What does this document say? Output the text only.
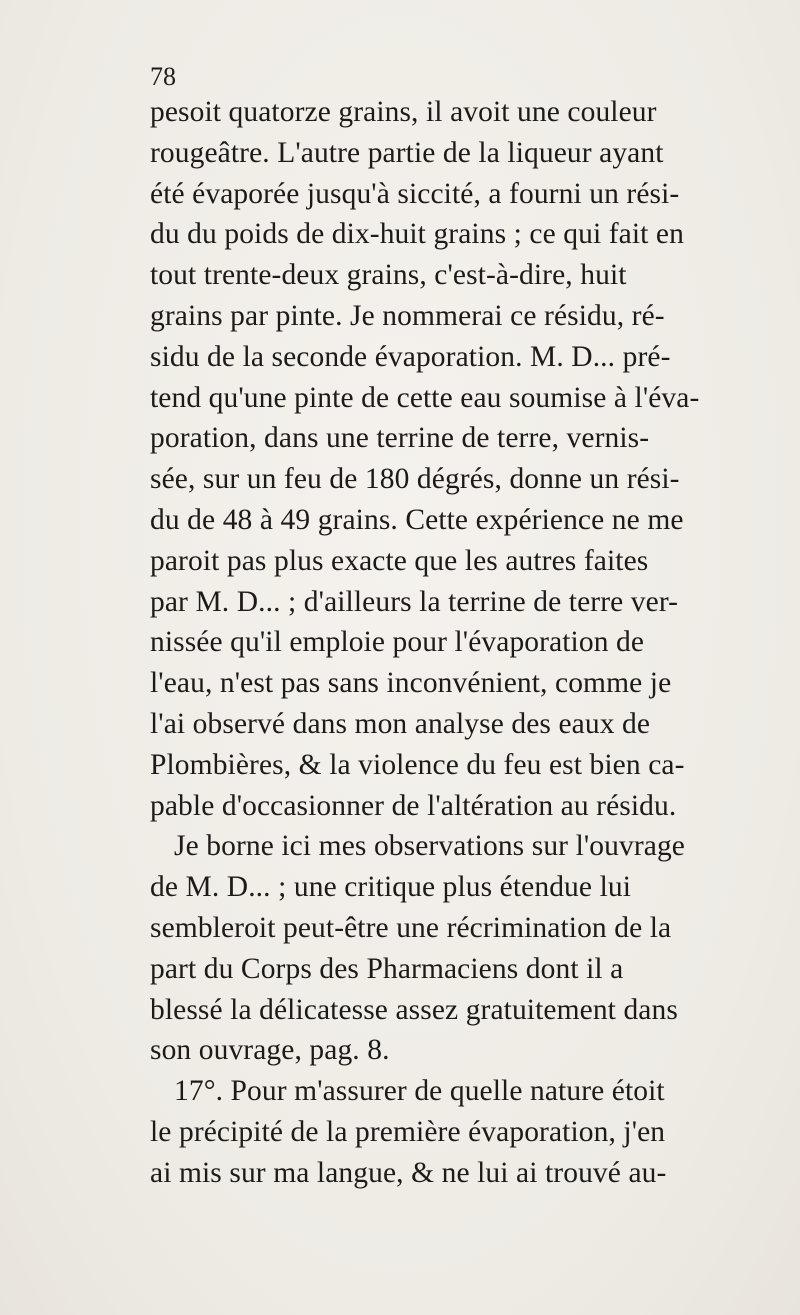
78
pesoit quatorze grains, il avoit une couleur
rougeâtre. L'autre partie de la liqueur ayant
été évaporée jusqu'à siccité, a fourni un rési-
du du poids de dix-huit grains ; ce qui fait en
tout trente-deux grains, c'est-à-dire, huit
grains par pinte. Je nommerai ce résidu, ré-
sidu de la seconde évaporation. M. D... pré-
tend qu'une pinte de cette eau soumise à l'éva-
poration, dans une terrine de terre, vernis-
sée, sur un feu de 180 dégrés, donne un rési-
du de 48 à 49 grains. Cette expérience ne me
paroit pas plus exacte que les autres faites
par M. D... ; d'ailleurs la terrine de terre ver-
nissée qu'il emploie pour l'évaporation de
l'eau, n'est pas sans inconvénient, comme je
l'ai observé dans mon analyse des eaux de
Plombières, & la violence du feu est bien ca-
pable d'occasionner de l'altération au résidu.
Je borne ici mes observations sur l'ouvrage
de M. D... ; une critique plus étendue lui
sembleroit peut-être une récrimination de la
part du Corps des Pharmaciens dont il a
blessé la délicatesse assez gratuitement dans
son ouvrage, pag. 8.
17°. Pour m'assurer de quelle nature étoit
le précipité de la première évaporation, j'en
ai mis sur ma langue, & ne lui ai trouvé au-
